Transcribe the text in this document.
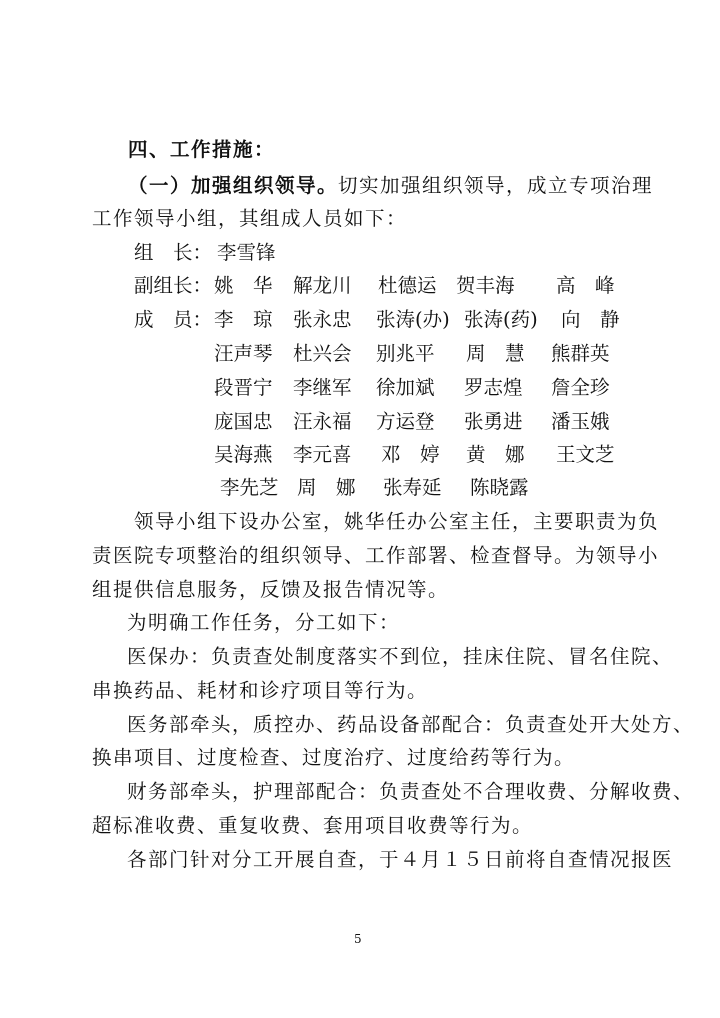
四、工作措施：
（一）加强组织领导。切实加强组织领导，成立专项治理
工作领导小组，其组成人员如下：
组　长： 李雪锋
副组长： 姚　华 解龙川 杜德运 贺丰海 高　峰
成　员： 李　琼 张永忠 张涛(办) 张涛(药) 向　静
汪声琴 杜兴会 别兆平 周　慧 熊群英
段晋宁 李继军 徐加斌 罗志煌 詹全珍
庞国忠 汪永福 方运登 张勇进 潘玉娥
吴海燕 李元喜 邓　婷 黄　娜 王文芝
李先芝 周　娜 张寿延 陈晓露
领导小组下设办公室，姚华任办公室主任，主要职责为负
责医院专项整治的组织领导、工作部署、检查督导。为领导小
组提供信息服务，反馈及报告情况等。
为明确工作任务，分工如下：
医保办：负责查处制度落实不到位，挂床住院、冒名住院、
串换药品、耗材和诊疗项目等行为。
医务部牵头，质控办、药品设备部配合：负责查处开大处方、
换串项目、过度检查、过度治疗、过度给药等行为。
财务部牵头，护理部配合：负责查处不合理收费、分解收费、
超标准收费、重复收费、套用项目收费等行为。
各部门针对分工开展自查，于４月１５日前将自查情况报医
5
